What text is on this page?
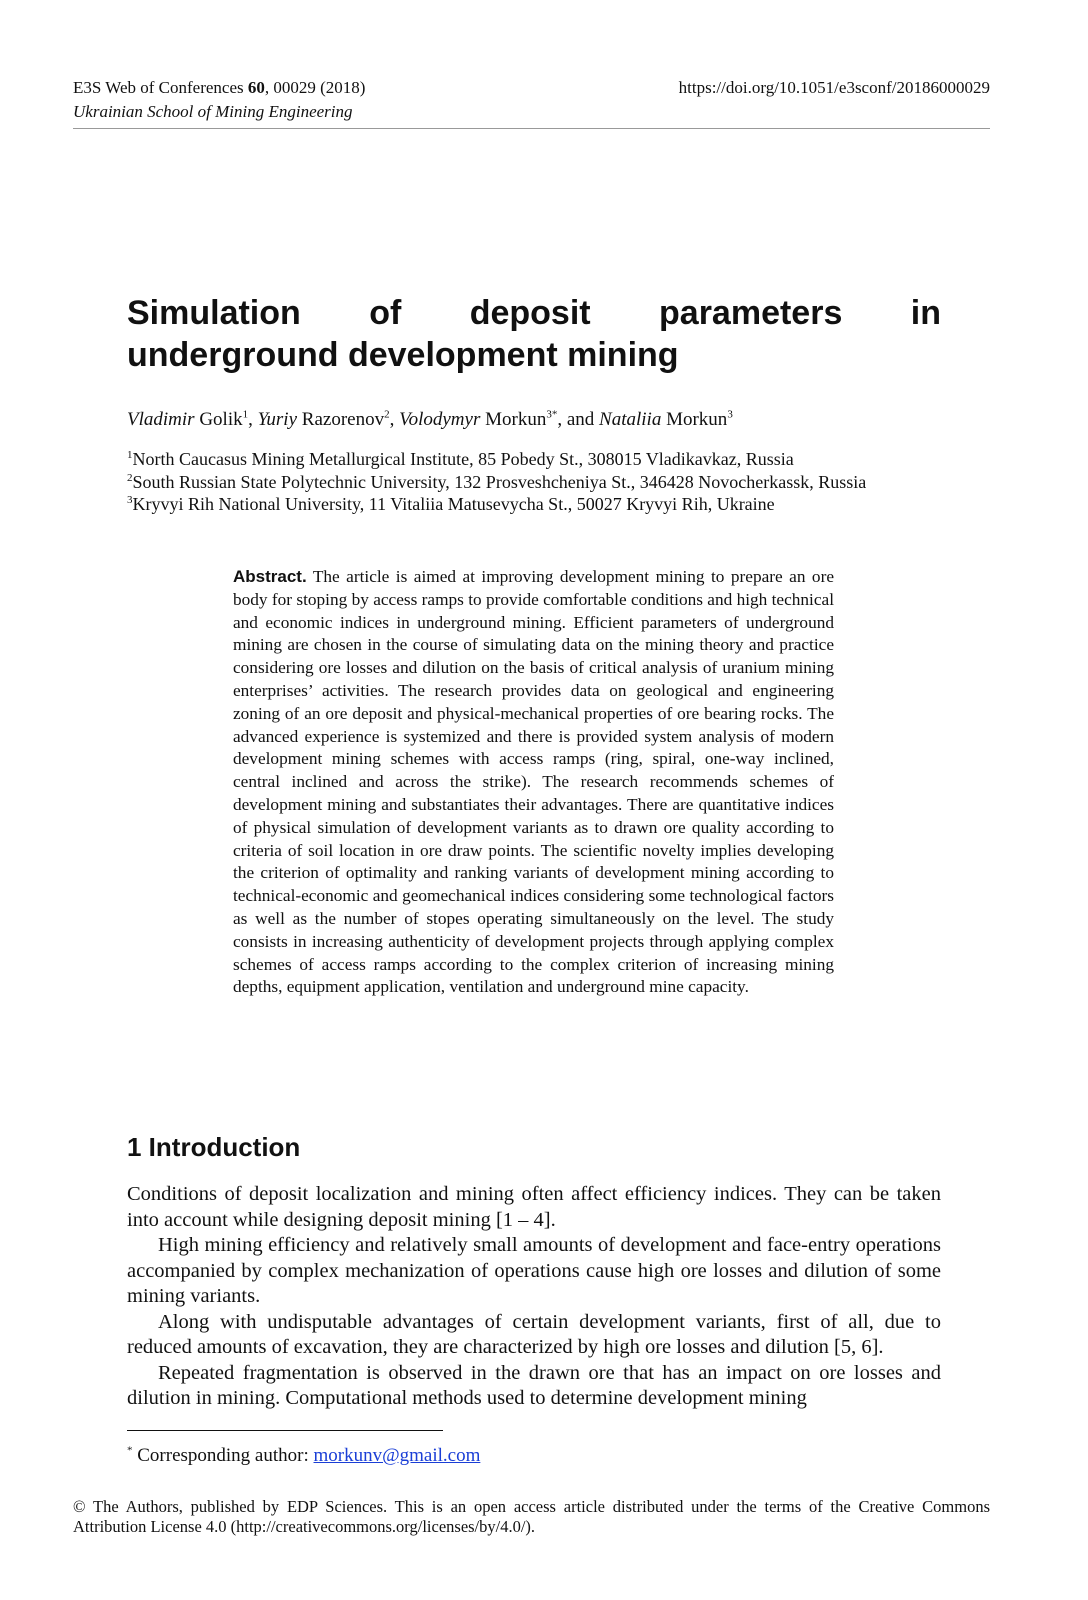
E3S Web of Conferences 60, 00029 (2018)	https://doi.org/10.1051/e3sconf/20186000029
Ukrainian School of Mining Engineering
Simulation of deposit parameters in
underground development mining
Vladimir Golik$^1$, Yuriy Razorenov$^2$, Volodymyr Morkun$^{3*}$, and Nataliia Morkun$^3$
$^1$North Caucasus Mining Metallurgical Institute, 85 Pobedy St., 308015 Vladikavkaz, Russia
$^2$South Russian State Polytechnic University, 132 Prosveshcheniya St., 346428 Novocherkassk, Russia
$^3$Kryvyi Rih National University, 11 Vitaliia Matusevycha St., 50027 Kryvyi Rih, Ukraine
Abstract. The article is aimed at improving development mining to prepare an ore body for stoping by access ramps to provide comfortable conditions and high technical and economic indices in underground mining. Efficient parameters of underground mining are chosen in the course of simulating data on the mining theory and practice considering ore losses and dilution on the basis of critical analysis of uranium mining enterprises’ activities. The research provides data on geological and engineering zoning of an ore deposit and physical-mechanical properties of ore bearing rocks. The advanced experience is systemized and there is provided system analysis of modern development mining schemes with access ramps (ring, spiral, one-way inclined, central inclined and across the strike). The research recommends schemes of development mining and substantiates their advantages. There are quantitative indices of physical simulation of development variants as to drawn ore quality according to criteria of soil location in ore draw points. The scientific novelty implies developing the criterion of optimality and ranking variants of development mining according to technical-economic and geomechanical indices considering some technological factors as well as the number of stopes operating simultaneously on the level. The study consists in increasing authenticity of development projects through applying complex schemes of access ramps according to the complex criterion of increasing mining depths, equipment application, ventilation and underground mine capacity.
1 Introduction

Conditions of deposit localization and mining often affect efficiency indices. They can be taken into account while designing deposit mining [1 – 4].

High mining efficiency and relatively small amounts of development and face-entry operations accompanied by complex mechanization of operations cause high ore losses and dilution of some mining variants.

Along with undisputable advantages of certain development variants, first of all, due to reduced amounts of excavation, they are characterized by high ore losses and dilution [5, 6].

Repeated fragmentation is observed in the drawn ore that has an impact on ore losses and dilution in mining. Computational methods used to determine development mining

* Corresponding author: morkunv@gmail.com
© The Authors, published by EDP Sciences. This is an open access article distributed under the terms of the Creative Commons Attribution License 4.0 (http://creativecommons.org/licenses/by/4.0/).
